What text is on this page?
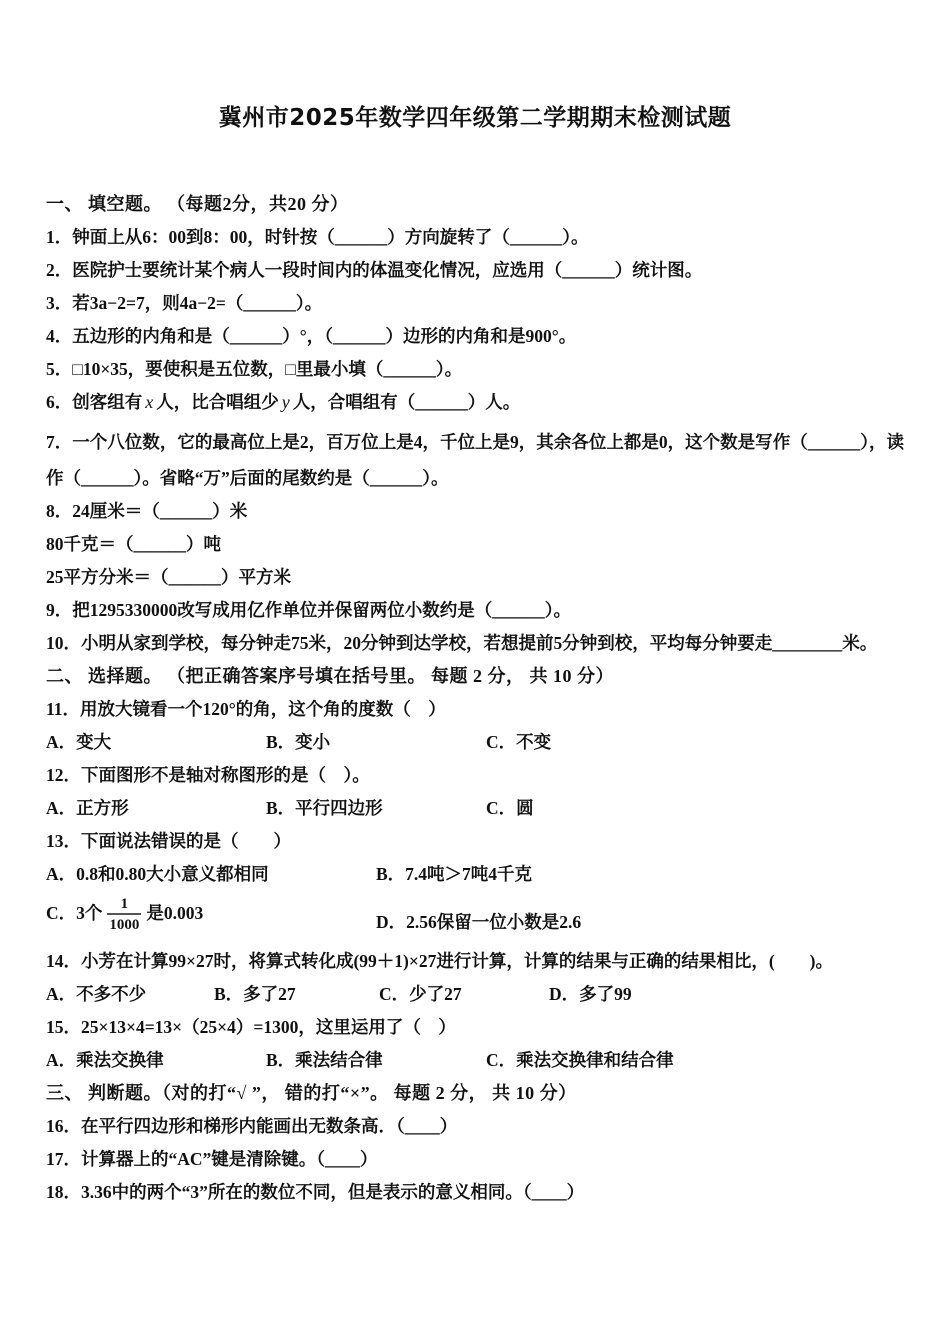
冀州市2025年数学四年级第二学期期末检测试题

一、 填空题。 （每题2分，共20 分）

1．钟面上从6：00到8：00，时针按（______）方向旋转了（______）。

2．医院护士要统计某个病人一段时间内的体温变化情况，应选用（______）统计图。

3．若3a−2=7，则4a−2=（______）。

4．五边形的内角和是（______）°，（______）边形的内角和是900°。

5．□10×35，要使积是五位数，□里最小填（______）。

6．创客组有 x 人，比合唱组少 y 人，合唱组有（______）人。

7．一个八位数，它的最高位上是2，百万位上是4，千位上是9，其余各位上都是0，这个数是写作（______），读作（______）。省略“万”后面的尾数约是（______）。

8．24厘米＝（______）米

80千克＝（______）吨

25平方分米＝（______）平方米

9．把1295330000改写成用亿作单位并保留两位小数约是（______）。

10．小明从家到学校，每分钟走75米，20分钟到达学校，若想提前5分钟到校，平均每分钟要走________米。

二、 选择题。 （把正确答案序号填在括号里。 每题 2 分， 共 10 分）

11．用放大镜看一个120°的角，这个角的度数（　）

A．变大	B．变小	C．不变

12．下面图形不是轴对称图形的是（　）。

A．正方形	B．平行四边形	C．圆

13．下面说法错误的是（　　）

A．0.8和0.80大小意义都相同	B．7.4吨＞7吨4千克

C．3个 $\frac{1}{1000}$ 是0.003	D．2.56保留一位小数是2.6

14．小芳在计算99×27时，将算式转化成(99＋1)×27进行计算，计算的结果与正确的结果相比，(　　)。

A．不多不少	B．多了27	C．少了27	D．多了99

15．25×13×4=13×（25×4）=1300，这里运用了（　）

A．乘法交换律	B．乘法结合律	C．乘法交换律和结合律

三、 判断题。（对的打“√ ”， 错的打“×”。 每题 2 分， 共 10 分）

16．在平行四边形和梯形内能画出无数条高．（____）

17．计算器上的“AC”键是清除键。（____）

18．3.36中的两个“3”所在的数位不同，但是表示的意义相同。（____）
